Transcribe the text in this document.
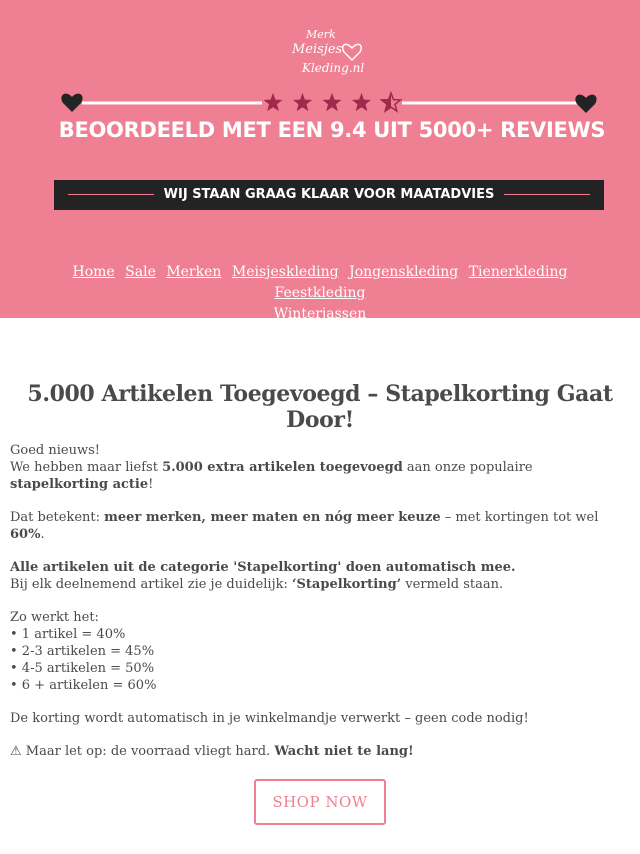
Merk
Meisjes
Kleding.nl
BEOORDEELD MET EEN 9.4 UIT 5000+ REVIEWS
WIJ STAAN GRAAG KLAAR VOOR MAATADVIES
Home Sale Merken Meisjeskleding Jongenskleding Tienerkleding Feestkleding
Winterjassen
5.000 Artikelen Toegevoegd – Stapelkorting Gaat Door!

Goed nieuws!
We hebben maar liefst 5.000 extra artikelen toegevoegd aan onze populaire stapelkorting actie!

Dat betekent: meer merken, meer maten en nóg meer keuze – met kortingen tot wel 60%.

Alle artikelen uit de categorie 'Stapelkorting' doen automatisch mee.
Bij elk deelnemend artikel zie je duidelijk: ‘Stapelkorting’ vermeld staan.

Zo werkt het:
• 1 artikel = 40%
• 2-3 artikelen = 45%
• 4-5 artikelen = 50%
• 6 + artikelen = 60%

De korting wordt automatisch in je winkelmandje verwerkt – geen code nodig!

⚠ Maar let op: de voorraad vliegt hard. Wacht niet te lang!

SHOP NOW
